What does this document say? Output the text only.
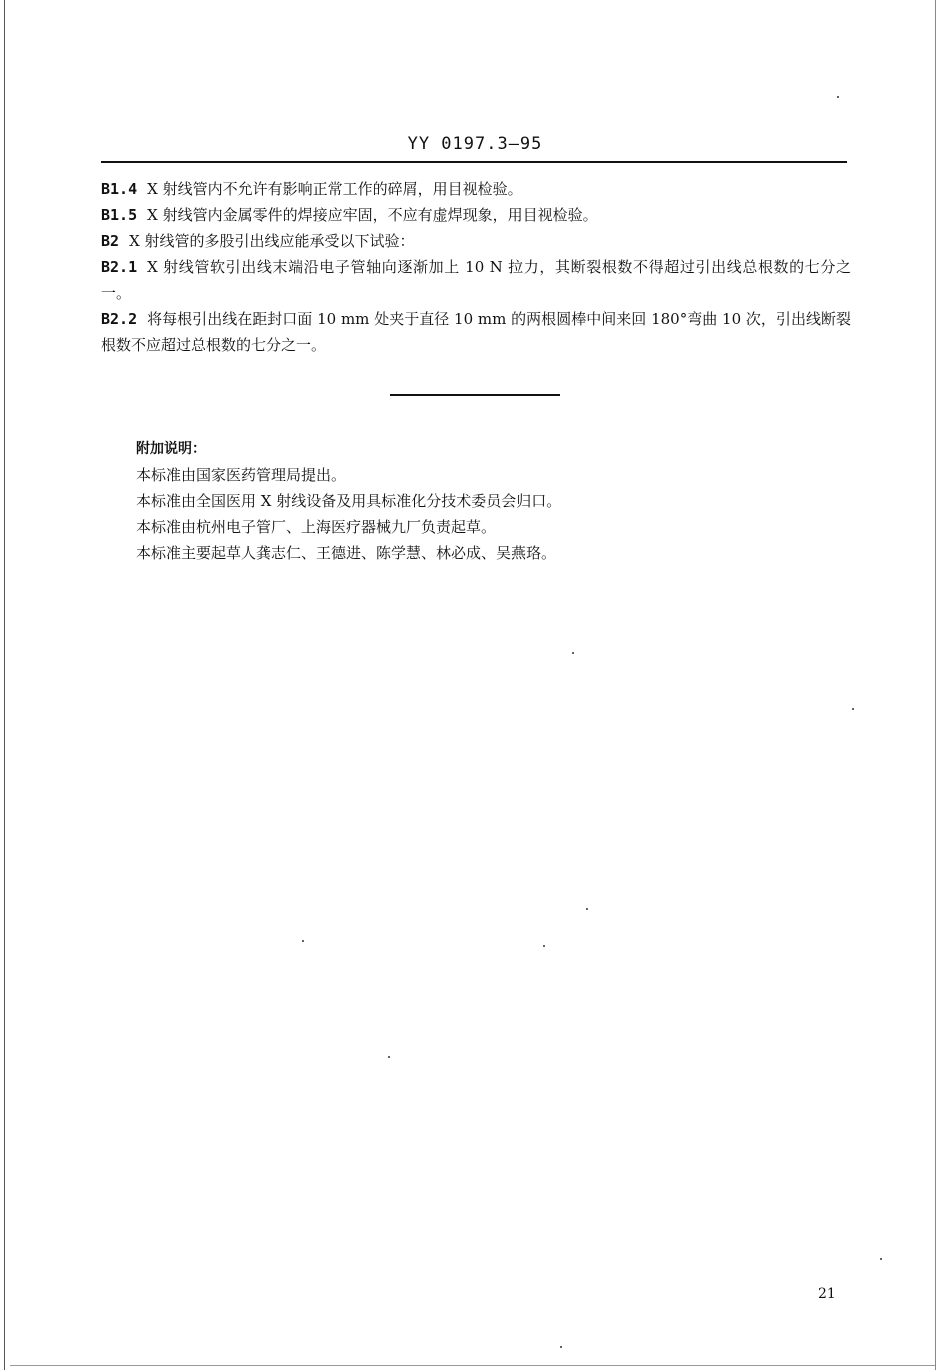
YY 0197.3—95

B1.4 X 射线管内不允许有影响正常工作的碎屑，用目视检验。

B1.5 X 射线管内金属零件的焊接应牢固，不应有虚焊现象，用目视检验。

B2 X 射线管的多股引出线应能承受以下试验：

B2.1 X 射线管软引出线末端沿电子管轴向逐渐加上 10 N 拉力，其断裂根数不得超过引出线总根数的七分之一。

B2.2 将每根引出线在距封口面 10 mm 处夹于直径 10 mm 的两根圆棒中间来回 180°弯曲 10 次，引出线断裂根数不应超过总根数的七分之一。

附加说明：

本标准由国家医药管理局提出。

本标准由全国医用 X 射线设备及用具标准化分技术委员会归口。

本标准由杭州电子管厂、上海医疗器械九厂负责起草。

本标准主要起草人龚志仁、王德进、陈学慧、林必成、吴燕珞。

21
